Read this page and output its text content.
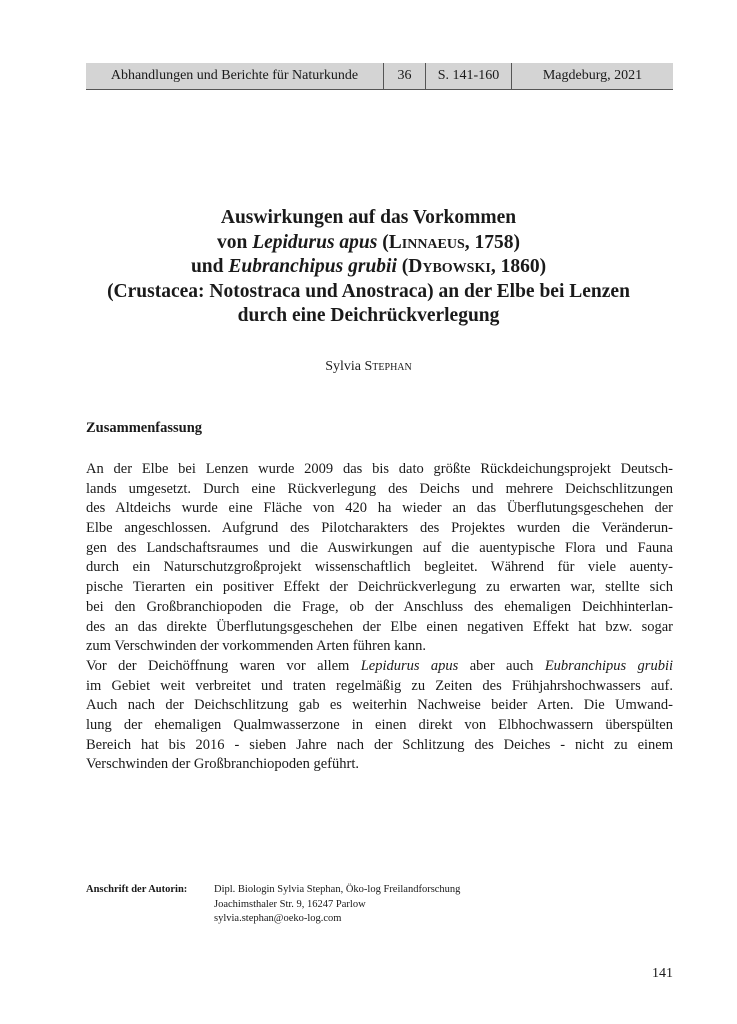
Abhandlungen und Berichte für Naturkunde	36	S. 141-160	Magdeburg, 2021
Auswirkungen auf das Vorkommen
von Lepidurus apus (Linnaeus, 1758)
und Eubranchipus grubii (Dybowski, 1860)
(Crustacea: Notostraca und Anostraca) an der Elbe bei Lenzen
durch eine Deichrückverlegung
Sylvia Stephan
Zusammenfassung
An der Elbe bei Lenzen wurde 2009 das bis dato größte Rückdeichungsprojekt Deutsch-
lands umgesetzt. Durch eine Rückverlegung des Deichs und mehrere Deichschlitzungen
des Altdeichs wurde eine Fläche von 420 ha wieder an das Überflutungsgeschehen der
Elbe angeschlossen. Aufgrund des Pilotcharakters des Projektes wurden die Veränderun-
gen des Landschaftsraumes und die Auswirkungen auf die auentypische Flora und Fauna
durch ein Naturschutzgroßprojekt wissenschaftlich begleitet. Während für viele auenty-
pische Tierarten ein positiver Effekt der Deichrückverlegung zu erwarten war, stellte sich
bei den Großbranchiopoden die Frage, ob der Anschluss des ehemaligen Deichhinterlan-
des an das direkte Überflutungsgeschehen der Elbe einen negativen Effekt hat bzw. sogar
zum Verschwinden der vorkommenden Arten führen kann.
Vor der Deichöffnung waren vor allem Lepidurus apus aber auch Eubranchipus grubii
im Gebiet weit verbreitet und traten regelmäßig zu Zeiten des Frühjahrshochwassers auf.
Auch nach der Deichschlitzung gab es weiterhin Nachweise beider Arten. Die Umwand-
lung der ehemaligen Qualmwasserzone in einen direkt von Elbhochwassern überspülten
Bereich hat bis 2016 - sieben Jahre nach der Schlitzung des Deiches - nicht zu einem
Verschwinden der Großbranchiopoden geführt.
Anschrift der Autorin:	Dipl. Biologin Sylvia Stephan, Öko-log Freilandforschung
Joachimsthaler Str. 9, 16247 Parlow
sylvia.stephan@oeko-log.com
141
